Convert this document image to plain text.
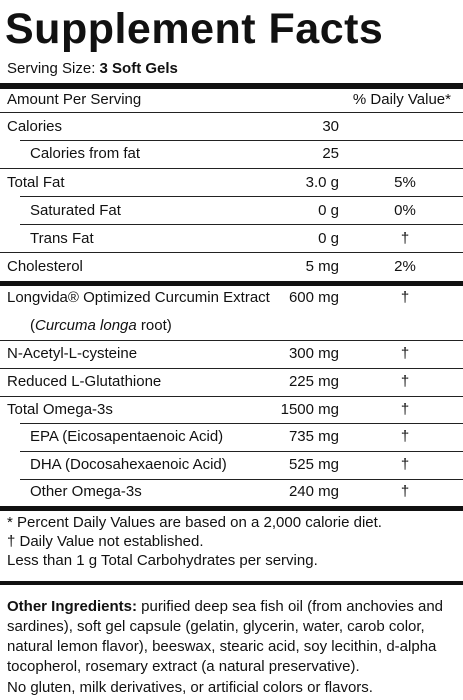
Supplement Facts
Serving Size: 3 Soft Gels
Amount Per Serving	% Daily Value*
Calories	30
Calories from fat	25
Total Fat	3.0 g	5%
Saturated Fat	0 g	0%
Trans Fat	0 g	†
Cholesterol	5 mg	2%
Longvida® Optimized Curcumin Extract 600 mg	†
(Curcuma longa root)
N-Acetyl-L-cysteine	300 mg	†
Reduced L-Glutathione	225 mg	†
Total Omega-3s	1500 mg	†
EPA (Eicosapentaenoic Acid)	735 mg	†
DHA (Docosahexaenoic Acid)	525 mg	†
Other Omega-3s	240 mg	†
* Percent Daily Values are based on a 2,000 calorie diet.
† Daily Value not established.
Less than 1 g Total Carbohydrates per serving.
Other Ingredients: purified deep sea fish oil (from anchovies and sardines), soft gel capsule (gelatin, glycerin, water, carob color, natural lemon flavor), beeswax, stearic acid, soy lecithin, d-alpha tocopherol, rosemary extract (a natural preservative).
No gluten, milk derivatives, or artificial colors or flavors.
